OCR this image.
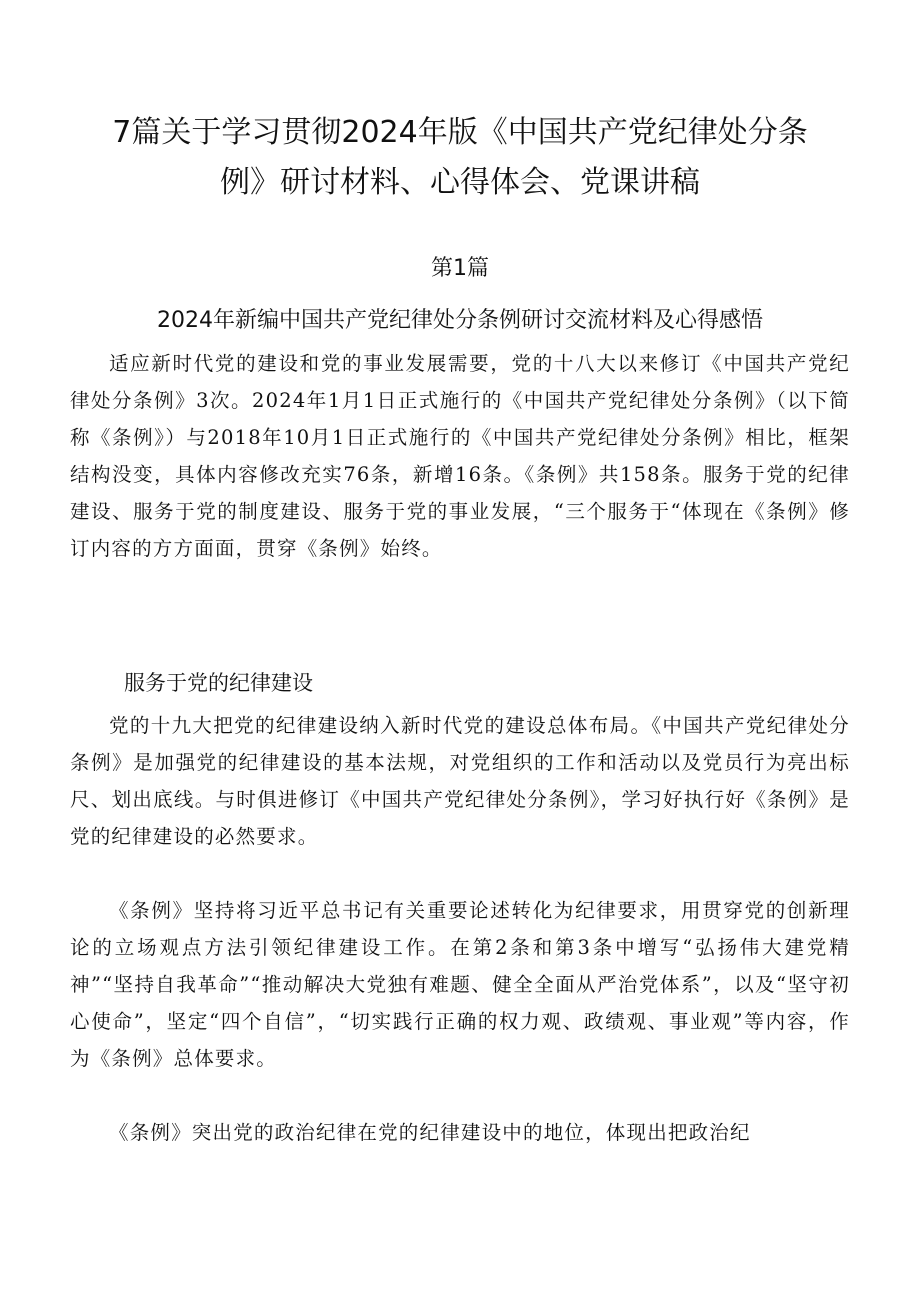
7篇关于学习贯彻2024年版《中国共产党纪律处分条
例》研讨材料、心得体会、党课讲稿
第1篇
2024年新编中国共产党纪律处分条例研讨交流材料及心得感悟

适应新时代党的建设和党的事业发展需要，党的十八大以来修订《中国共产党纪律处分条例》3次。2024年1月1日正式施行的《中国共产党纪律处分条例》（以下简称《条例》）与2018年10月1日正式施行的《中国共产党纪律处分条例》相比，框架结构没变，具体内容修改充实76条，新增16条。《条例》共158条。服务于党的纪律建设、服务于党的制度建设、服务于党的事业发展，“三个服务于“体现在《条例》修订内容的方方面面，贯穿《条例》始终。

服务于党的纪律建设

党的十九大把党的纪律建设纳入新时代党的建设总体布局。《中国共产党纪律处分条例》是加强党的纪律建设的基本法规，对党组织的工作和活动以及党员行为亮出标尺、划出底线。与时俱进修订《中国共产党纪律处分条例》，学习好执行好《条例》是党的纪律建设的必然要求。

《条例》坚持将习近平总书记有关重要论述转化为纪律要求，用贯穿党的创新理论的立场观点方法引领纪律建设工作。在第2条和第3条中增写“弘扬伟大建党精神”“坚持自我革命”“推动解决大党独有难题、健全全面从严治党体系”，以及“坚守初心使命”，坚定“四个自信”，“切实践行正确的权力观、政绩观、事业观”等内容，作为《条例》总体要求。

《条例》突出党的政治纪律在党的纪律建设中的地位，体现出把政治纪
